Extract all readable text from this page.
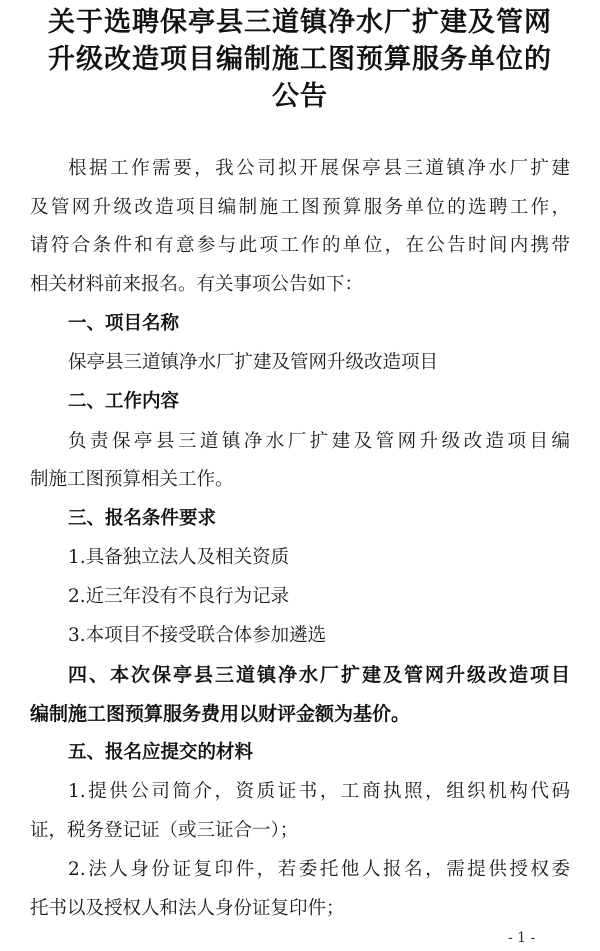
关于选聘保亭县三道镇净水厂扩建及管网
升级改造项目编制施工图预算服务单位的
公告
根据工作需要，我公司拟开展保亭县三道镇净水厂扩建
及管网升级改造项目编制施工图预算服务单位的选聘工作，
请符合条件和有意参与此项工作的单位，在公告时间内携带
相关材料前来报名。有关事项公告如下：
一、项目名称
保亭县三道镇净水厂扩建及管网升级改造项目
二、工作内容
负责保亭县三道镇净水厂扩建及管网升级改造项目编
制施工图预算相关工作。
三、报名条件要求
1.具备独立法人及相关资质
2.近三年没有不良行为记录
3.本项目不接受联合体参加遴选
四、本次保亭县三道镇净水厂扩建及管网升级改造项目
编制施工图预算服务费用以财评金额为基价。
五、报名应提交的材料
1.提供公司简介，资质证书，工商执照，组织机构代码
证，税务登记证（或三证合一）；
2.法人身份证复印件，若委托他人报名，需提供授权委
托书以及授权人和法人身份证复印件；
- 1 -
